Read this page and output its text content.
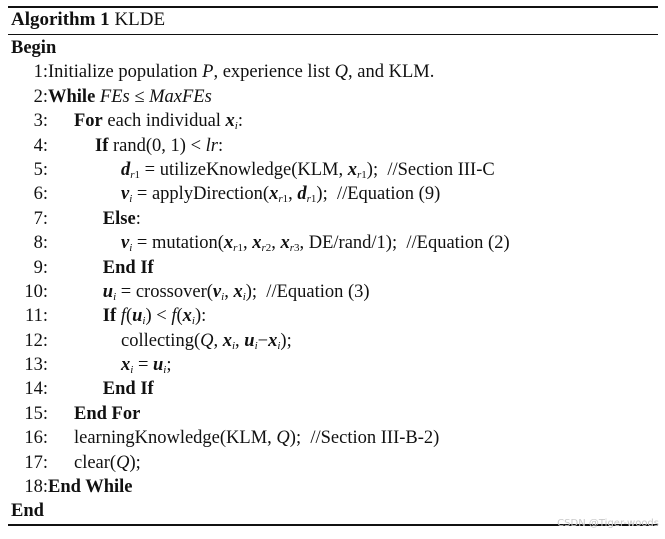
Algorithm 1 KLDE
Begin
1: Initialize population P, experience list Q, and KLM.
2: While FEs ≤ MaxFEs
3: For each individual $x_i$:
4:	If rand(0, 1) < lr:
5:	$d_{r1}$ = utilizeKnowledge(KLM, $x_{r1}$);  //Section III-C
6:	$v_i$ = $applyDirection(x_{r1}$, $d_{r1}$);  //Equation (9)
7:	Else:
8:	$v_i$ = $mutation(x_{r1}$, $x_{r2}$, $x_{r3}$, DE/rand/1);  //Equation (2)
9:	End If
10:	$u_i$ = $crossover(v_i$, $x_i$);  //Equation (3)
11:	If $f(u_i) < f(x_i)$:
12:	collecting(Q, $x_i$, $u_i-x_i$);
13:	$x_i = u_i$;
14:	End If
15: End For
16: learningKnowledge(KLM, Q);  //Section III-B-2)
17: clear(Q);
18: End While
End
CSDN @Tiger-woods
